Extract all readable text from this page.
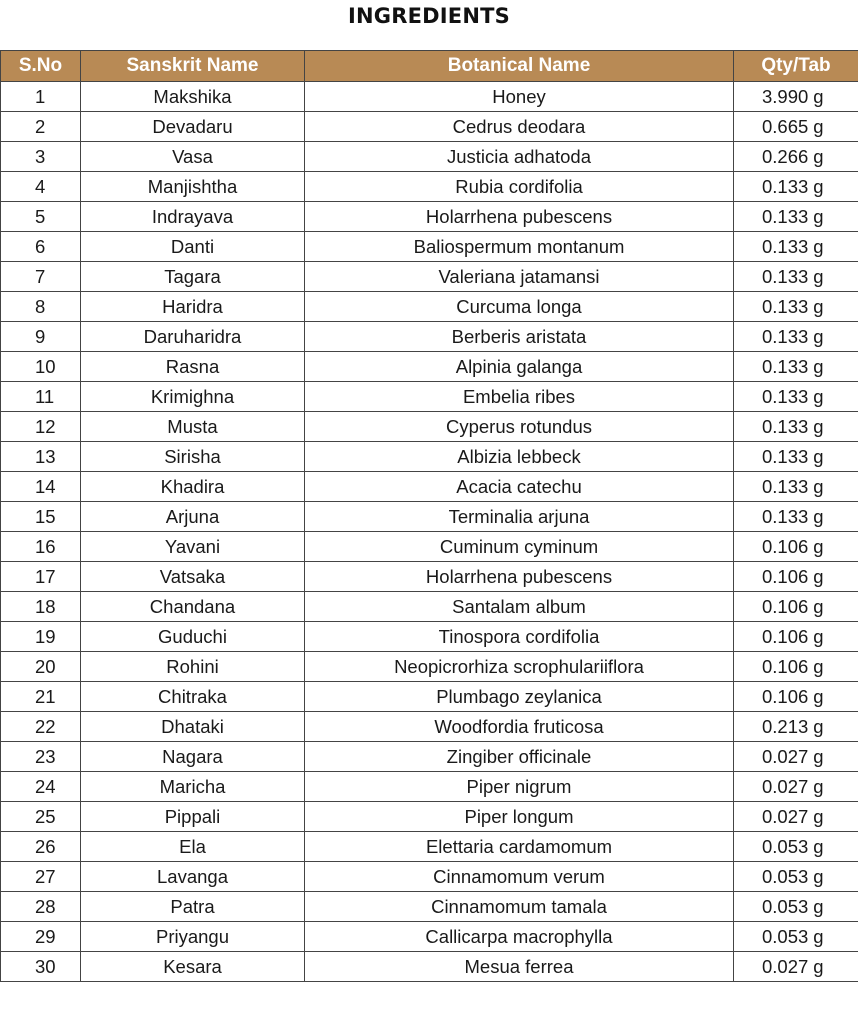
INGREDIENTS
S.No	Sanskrit Name	Botanical Name	Qty/Tab
1	Makshika	Honey	3.990 g
2	Devadaru	Cedrus deodara	0.665 g
3	Vasa	Justicia adhatoda	0.266 g
4	Manjishtha	Rubia cordifolia	0.133 g
5	Indrayava	Holarrhena pubescens	0.133 g
6	Danti	Baliospermum montanum	0.133 g
7	Tagara	Valeriana jatamansi	0.133 g
8	Haridra	Curcuma longa	0.133 g
9	Daruharidra	Berberis aristata	0.133 g
10	Rasna	Alpinia galanga	0.133 g
11	Krimighna	Embelia ribes	0.133 g
12	Musta	Cyperus rotundus	0.133 g
13	Sirisha	Albizia lebbeck	0.133 g
14	Khadira	Acacia catechu	0.133 g
15	Arjuna	Terminalia arjuna	0.133 g
16	Yavani	Cuminum cyminum	0.106 g
17	Vatsaka	Holarrhena pubescens	0.106 g
18	Chandana	Santalam album	0.106 g
19	Guduchi	Tinospora cordifolia	0.106 g
20	Rohini	Neopicrorhiza scrophulariiflora	0.106 g
21	Chitraka	Plumbago zeylanica	0.106 g
22	Dhataki	Woodfordia fruticosa	0.213 g
23	Nagara	Zingiber officinale	0.027 g
24	Maricha	Piper nigrum	0.027 g
25	Pippali	Piper longum	0.027 g
26	Ela	Elettaria cardamomum	0.053 g
27	Lavanga	Cinnamomum verum	0.053 g
28	Patra	Cinnamomum tamala	0.053 g
29	Priyangu	Callicarpa macrophylla	0.053 g
30	Kesara	Mesua ferrea	0.027 g
